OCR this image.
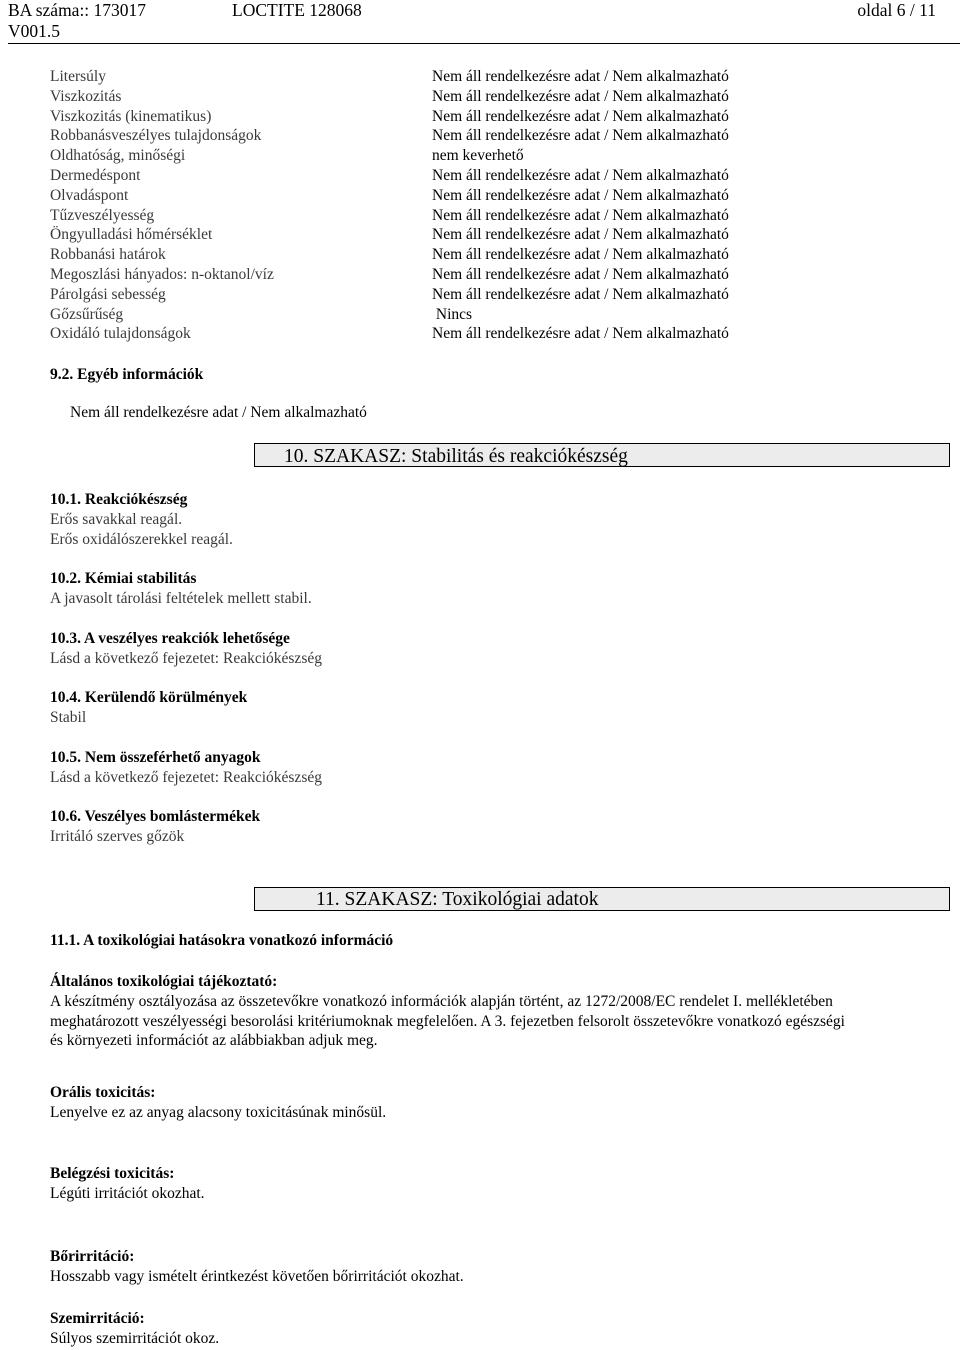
BA száma:: 173017	LOCTITE 128068
V001.5
oldal 6 / 11
Litersúly
Viszkozitás
Viszkozitás (kinematikus)
Robbanásveszélyes tulajdonságok
Oldhatóság, minőségi
Dermedéspont
Olvadáspont
Tűzveszélyesség
Öngyulladási hőmérséklet
Robbanási határok
Megoszlási hányados: n-oktanol/víz
Párolgási sebesség
Gőzsűrűség
Oxidáló tulajdonságok
Nem áll rendelkezésre adat / Nem alkalmazható
Nem áll rendelkezésre adat / Nem alkalmazható
Nem áll rendelkezésre adat / Nem alkalmazható
Nem áll rendelkezésre adat / Nem alkalmazható
nem keverhető
Nem áll rendelkezésre adat / Nem alkalmazható
Nem áll rendelkezésre adat / Nem alkalmazható
Nem áll rendelkezésre adat / Nem alkalmazható
Nem áll rendelkezésre adat / Nem alkalmazható
Nem áll rendelkezésre adat / Nem alkalmazható
Nem áll rendelkezésre adat / Nem alkalmazható
Nem áll rendelkezésre adat / Nem alkalmazható
Nincs
Nem áll rendelkezésre adat / Nem alkalmazható
9.2. Egyéb információk
Nem áll rendelkezésre adat / Nem alkalmazható
10. SZAKASZ: Stabilitás és reakciókészség
10.1. Reakciókészség
Erős savakkal reagál.
Erős oxidálószerekkel reagál.
10.2. Kémiai stabilitás
A javasolt tárolási feltételek mellett stabil.
10.3. A veszélyes reakciók lehetősége
Lásd a következő fejezetet: Reakciókészség
10.4. Kerülendő körülmények
Stabil
10.5. Nem összeférhető anyagok
Lásd a következő fejezetet: Reakciókészség
10.6. Veszélyes bomlástermékek
Irritáló szerves gőzök
11. SZAKASZ: Toxikológiai adatok
11.1. A toxikológiai hatásokra vonatkozó információ
Általános toxikológiai tájékoztató:
A készítmény osztályozása az összetevőkre vonatkozó információk alapján történt, az 1272/2008/EC rendelet I. mellékletében
meghatározott veszélyességi besorolási kritériumoknak megfelelően. A 3. fejezetben felsorolt összetevőkre vonatkozó egészségi
és környezeti információt az alábbiakban adjuk meg.
Orális toxicitás:
Lenyelve ez az anyag alacsony toxicitásúnak minősül.
Belégzési toxicitás:
Légúti irritációt okozhat.
Bőrirritáció:
Hosszabb vagy ismételt érintkezést követően bőrirritációt okozhat.
Szemirritáció:
Súlyos szemirritációt okoz.
